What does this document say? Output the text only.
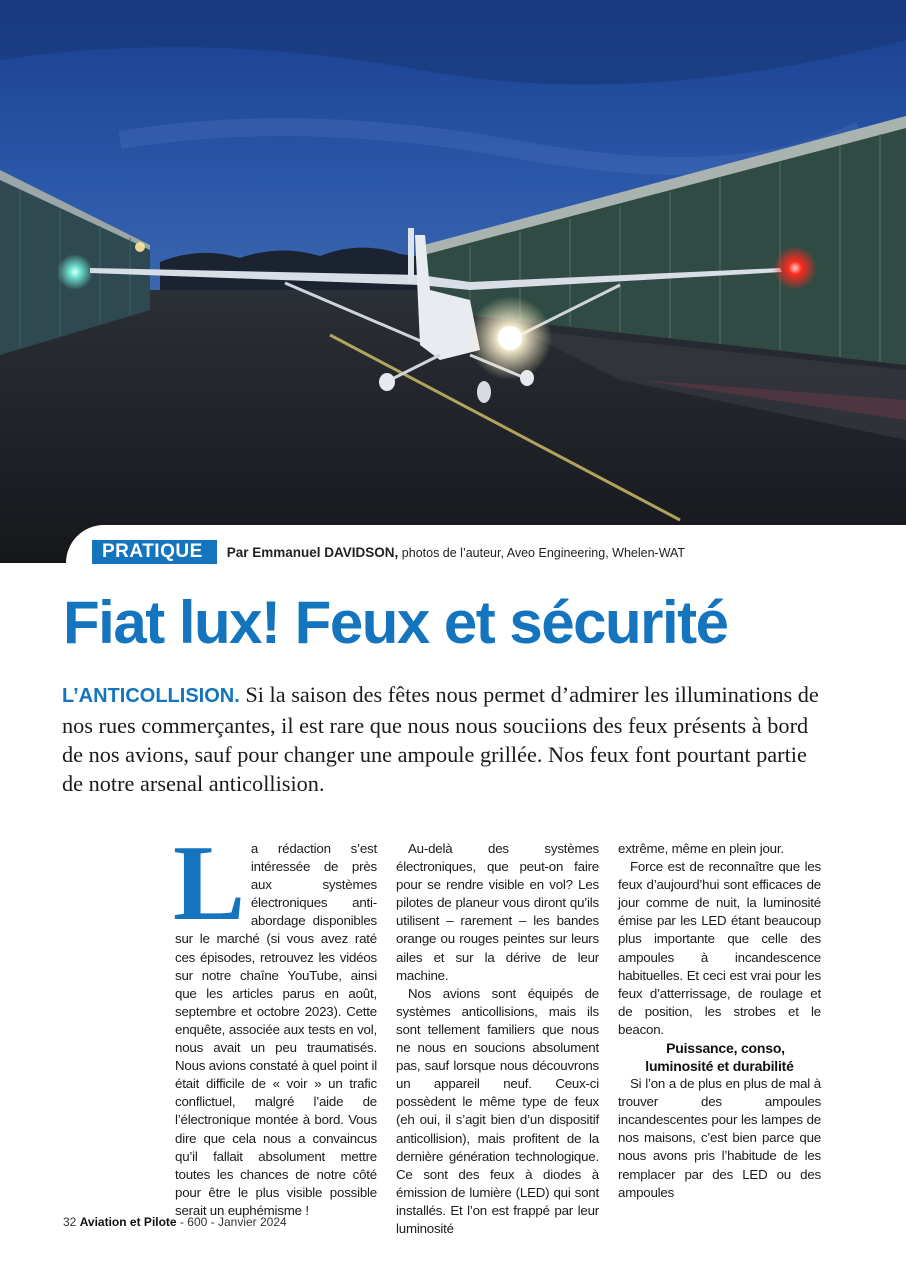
PRATIQUE	Par Emmanuel DAVIDSON, photos de l’auteur, Aveo Engineering, Whelen-WAT
Fiat lux! Feux et sécurité

L’ANTICOLLISION. Si la saison des fêtes nous permet d’admirer les illuminations de nos rues commerçantes, il est rare que nous nous souciions des feux présents à bord de nos avions, sauf pour changer une ampoule grillée. Nos feux font pourtant partie de notre arsenal anticollision.

L a rédaction s’est intéressée de près aux systèmes électroniques anti-abordage disponibles sur le marché (si vous avez raté ces épisodes, retrouvez les vidéos sur notre chaîne YouTube, ainsi que les articles parus en août, septembre et octobre 2023). Cette enquête, associée aux tests en vol, nous avait un peu traumatisés. Nous avions constaté à quel point il était difficile de « voir » un trafic conflictuel, malgré l’aide de l’électronique montée à bord. Vous dire que cela nous a convaincus qu’il fallait absolument mettre toutes les chances de notre côté pour être le plus visible possible serait un euphémisme !

Au-delà des systèmes électroniques, que peut-on faire pour se rendre visible en vol? Les pilotes de planeur vous diront qu’ils utilisent – rarement – les bandes orange ou rouges peintes sur leurs ailes et sur la dérive de leur machine.

Nos avions sont équipés de systèmes anticollisions, mais ils sont tellement familiers que nous ne nous en soucions absolument pas, sauf lorsque nous découvrons un appareil neuf. Ceux-ci possèdent le même type de feux (eh oui, il s’agit bien d’un dispositif anticollision), mais profitent de la dernière génération technologique. Ce sont des feux à diodes à émission de lumière (LED) qui sont installés. Et l’on est frappé par leur luminosité

extrême, même en plein jour.

Force est de reconnaître que les feux d’aujourd’hui sont efficaces de jour comme de nuit, la luminosité émise par les LED étant beaucoup plus importante que celle des ampoules à incandescence habituelles. Et ceci est vrai pour les feux d’atterrissage, de roulage et de position, les strobes et le beacon.

Puissance, conso,
luminosité et durabilité

Si l’on a de plus en plus de mal à trouver des ampoules incandescentes pour les lampes de nos maisons, c’est bien parce que nous avons pris l’habitude de les remplacer par des LED ou des ampoules

32 Aviation et Pilote - 600 - Janvier 2024
